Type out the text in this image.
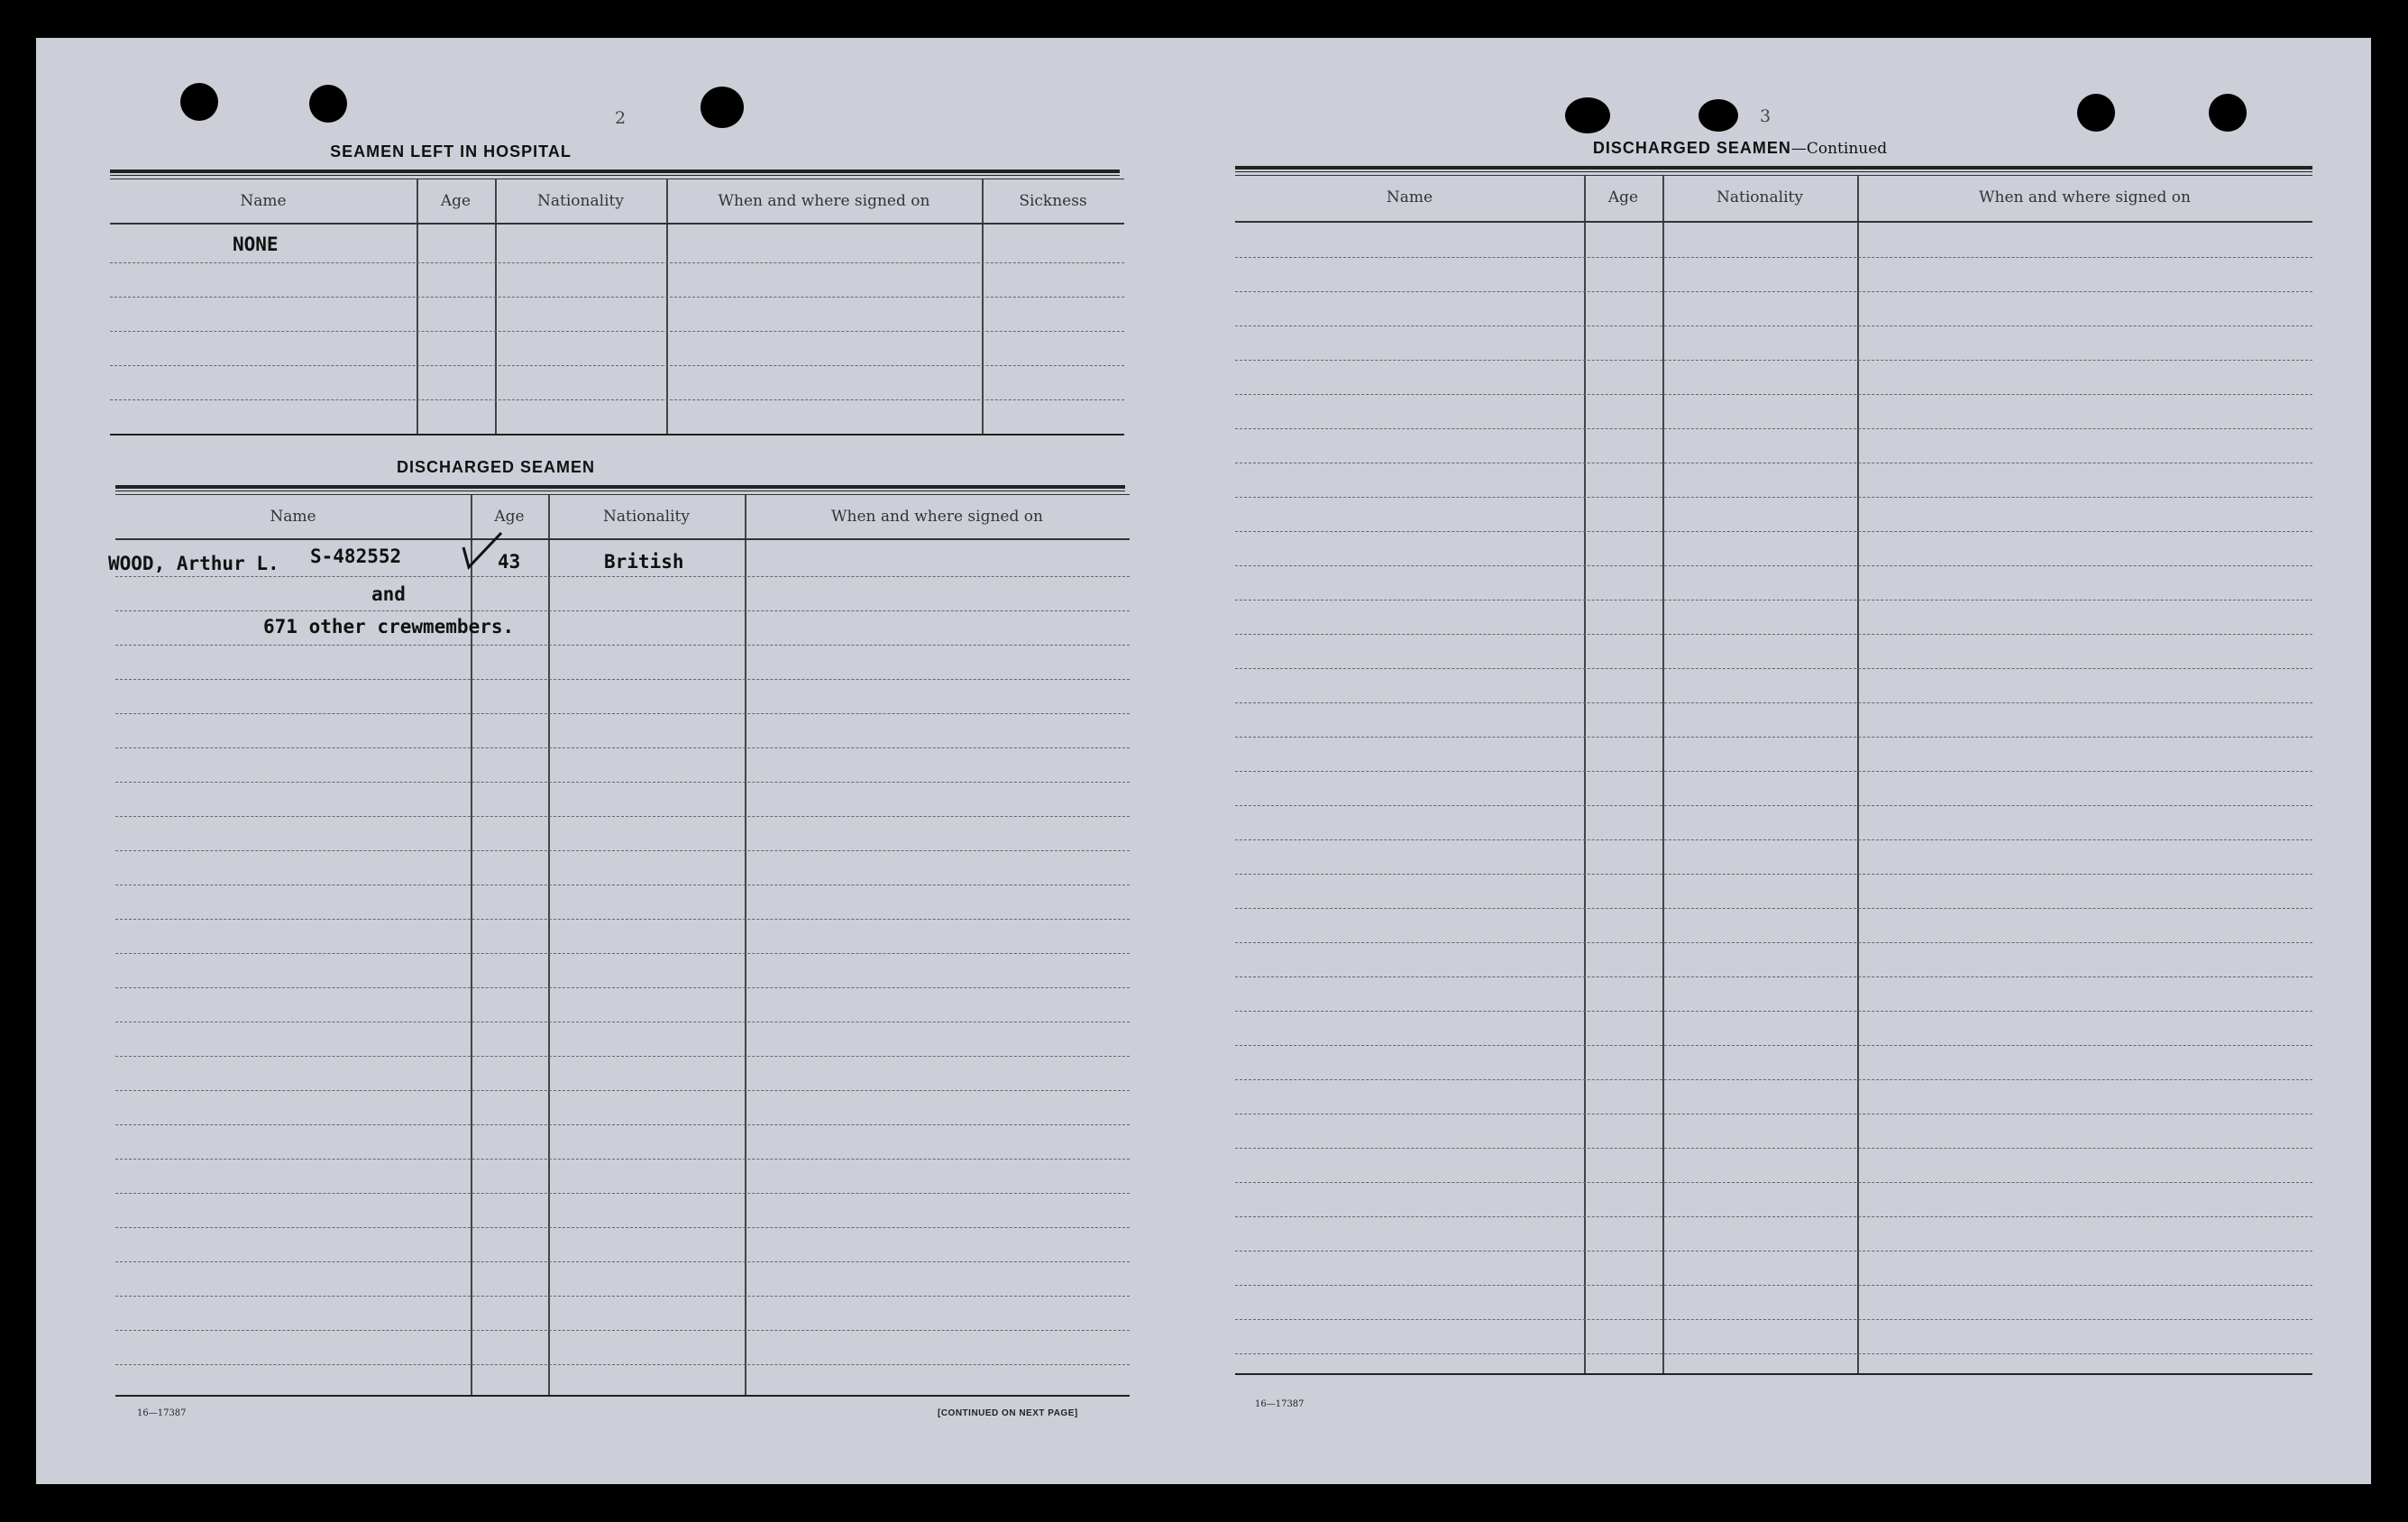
2
SEAMEN LEFT IN HOSPITAL
Name	Age	Nationality	When and where signed on	Sickness
NONE
DISCHARGED SEAMEN
Name	Age	Nationality	When and where signed on
WOOD, Arthur L. S-482552	43	British
and
671 other crewmembers.
16—17387	[CONTINUED ON NEXT PAGE]
3
DISCHARGED SEAMEN—Continued
Name	Age	Nationality	When and where signed on
16—17387
